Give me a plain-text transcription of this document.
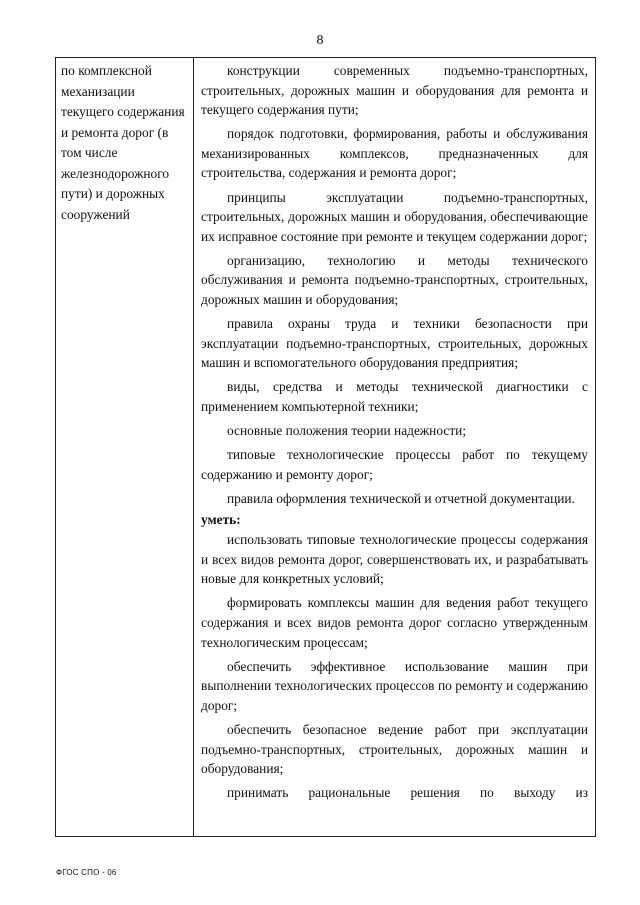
8
по комплексной механизации текущего содержания и ремонта дорог (в том числе железнодорожного пути) и дорожных сооружений

конструкции современных подъемно-транспортных, строительных, дорожных машин и оборудования для ремонта и текущего содержания пути;

порядок подготовки, формирования, работы и обслуживания механизированных комплексов, предназначенных для строительства, содержания и ремонта дорог;

принципы эксплуатации подъемно-транспортных, строительных, дорожных машин и оборудования, обеспечивающие их исправное состояние при ремонте и текущем содержании дорог;

организацию, технологию и методы технического обслуживания и ремонта подъемно-транспортных, строительных, дорожных машин и оборудования;

правила охраны труда и техники безопасности при эксплуатации подъемно-транспортных, строительных, дорожных машин и вспомогательного оборудования предприятия;

виды, средства и методы технической диагностики с применением компьютерной техники;

основные положения теории надежности;

типовые технологические процессы работ по текущему содержанию и ремонту дорог;

правила оформления технической и отчетной документации.

уметь:

использовать типовые технологические процессы содержания и всех видов ремонта дорог, совершенствовать их, и разрабатывать новые для конкретных условий;

формировать комплексы машин для ведения работ текущего содержания и всех видов ремонта дорог согласно утвержденным технологическим процессам;

обеспечить эффективное использование машин при выполнении технологических процессов по ремонту и содержанию дорог;

обеспечить безопасное ведение работ при эксплуатации подъемно-транспортных, строительных, дорожных машин и оборудования;

принимать рациональные решения по выходу из

ФГОС СПО - 06
